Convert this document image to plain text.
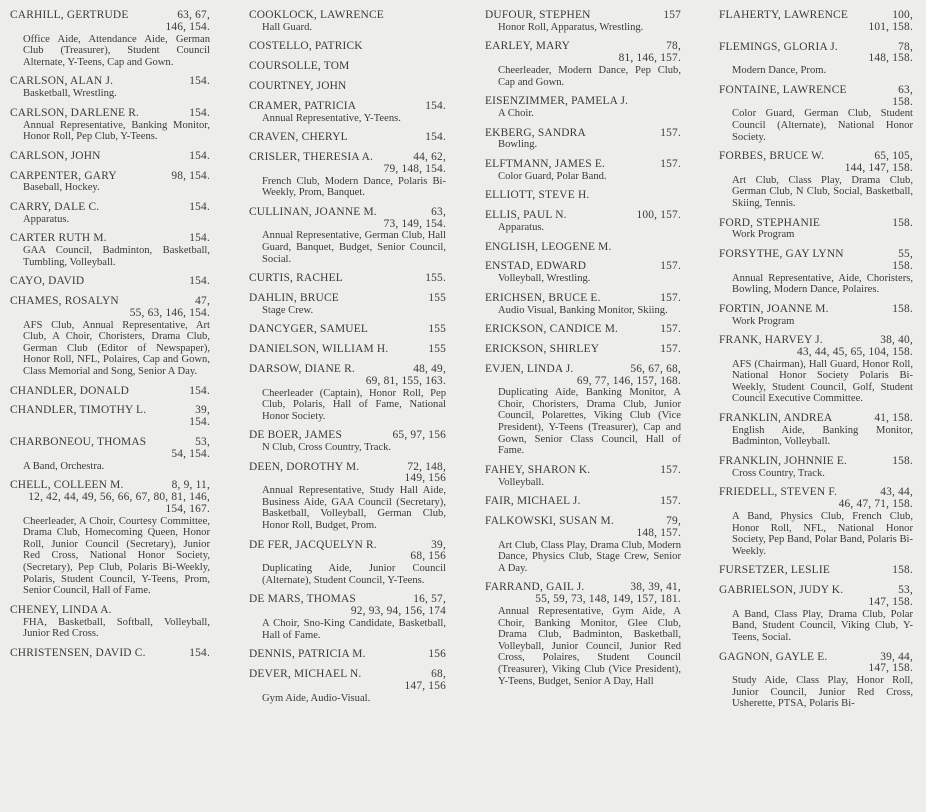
CARHILL, GERTRUDE	63, 67,
146, 154.
Office Aide, Attendance Aide, German Club (Treasurer), Student Council Alternate, Y-Teens, Cap and Gown.
CARLSON, ALAN J.	154.
Basketball, Wrestling.
CARLSON, DARLENE R.	154.
Annual Representative, Banking Monitor, Honor Roll, Pep Club, Y-Teens.
CARLSON, JOHN	154.
CARPENTER, GARY	98, 154.
Baseball, Hockey.
CARRY, DALE C.	154.
Apparatus.
CARTER RUTH M.	154.
GAA Council, Badminton, Basketball, Tumbling, Volleyball.
CAYO, DAVID	154.
CHAMES, ROSALYN	47,
55, 63, 146, 154.
AFS Club, Annual Representative, Art Club, A Choir, Choristers, Drama Club, German Club (Editor of Newspaper), Honor Roll, NFL, Polaires, Cap and Gown, Class Memorial and Song, Senior A Day.
CHANDLER, DONALD	154.
CHANDLER, TIMOTHY L.	39,
154.
CHARBONEOU, THOMAS	53,
54, 154.
A Band, Orchestra.
CHELL, COLLEEN M.	8, 9, 11,
12, 42, 44, 49, 56, 66, 67, 80, 81, 146, 154, 167.
Cheerleader, A Choir, Courtesy Committee, Drama Club, Homecoming Queen, Honor Roll, Junior Council (Secretary), Junior Red Cross, National Honor Society, (Secretary), Pep Club, Polaris Bi-Weekly, Polaris, Student Council, Y-Teens, Prom, Senior Council, Hall of Fame.
CHENEY, LINDA A.
FHA, Basketball, Softball, Volleyball, Junior Red Cross.
CHRISTENSEN, DAVID C.	154.
COOKLOCK, LAWRENCE
Hall Guard.
COSTELLO, PATRICK
COURSOLLE, TOM
COURTNEY, JOHN
CRAMER, PATRICIA	154.
Annual Representative, Y-Teens.
CRAVEN, CHERYL	154.
CRISLER, THERESIA A.	44, 62,
79, 148, 154.
French Club, Modern Dance, Polaris Bi-Weekly, Prom, Banquet.
CULLINAN, JOANNE M.	63,
73, 149, 154.
Annual Representative, German Club, Hall Guard, Banquet, Budget, Senior Council, Social.
CURTIS, RACHEL	155.
DAHLIN, BRUCE	155
Stage Crew.
DANCYGER, SAMUEL	155
DANIELSON, WILLIAM H.	155
DARSOW, DIANE R.	48, 49,
69, 81, 155, 163.
Cheerleader (Captain), Honor Roll, Pep Club, Polaris, Hall of Fame, National Honor Society.
DE BOER, JAMES	65, 97, 156
N Club, Cross Country, Track.
DEEN, DOROTHY M.	72, 148,
149, 156
Annual Representative, Study Hall Aide, Business Aide, GAA Council (Secretary), Basketball, Volleyball, German Club, Honor Roll, Budget, Prom.
DE FER, JACQUELYN R.	39,
68, 156
Duplicating Aide, Junior Council (Alternate), Student Council, Y-Teens.
DE MARS, THOMAS	16, 57,
92, 93, 94, 156, 174
A Choir, Sno-King Candidate, Basketball, Hall of Fame.
DENNIS, PATRICIA M.	156
DEVER, MICHAEL N.	68,
147, 156
Gym Aide, Audio-Visual.
DUFOUR, STEPHEN	157
Honor Roll, Apparatus, Wrestling.
EARLEY, MARY	78,
81, 146, 157.
Cheerleader, Modern Dance, Pep Club, Cap and Gown.
EISENZIMMER, PAMELA J.
A Choir.
EKBERG, SANDRA	157.
Bowling.
ELFTMANN, JAMES E.	157.
Color Guard, Polar Band.
ELLIOTT, STEVE H.
ELLIS, PAUL N.	100, 157.
Apparatus.
ENGLISH, LEOGENE M.
ENSTAD, EDWARD	157.
Volleyball, Wrestling.
ERICHSEN, BRUCE E.	157.
Audio Visual, Banking Monitor, Skiing.
ERICKSON, CANDICE M.	157.
ERICKSON, SHIRLEY	157.
EVJEN, LINDA J.	56, 67, 68,
69, 77, 146, 157, 168.
Duplicating Aide, Banking Monitor, A Choir, Choristers, Drama Club, Junior Council, Polarettes, Viking Club (Vice President), Y-Teens (Treasurer), Cap and Gown, Senior Class Council, Hall of Fame.
FAHEY, SHARON K.	157.
Volleyball.
FAIR, MICHAEL J.	157.
FALKOWSKI, SUSAN M.	79,
148, 157.
Art Club, Class Play, Drama Club, Modern Dance, Physics Club, Stage Crew, Senior A Day.
FARRAND, GAIL J.	38, 39, 41,
55, 59, 73, 148, 149, 157, 181.
Annual Representative, Gym Aide, A Choir, Banking Monitor, Glee Club, Drama Club, Badminton, Basketball, Volleyball, Junior Council, Junior Red Cross, Polaires, Student Council (Treasurer), Viking Club (Vice President), Y-Teens, Budget, Senior A Day, Hall
FLAHERTY, LAWRENCE	100,
101, 158.
FLEMINGS, GLORIA J.	78,
148, 158.
Modern Dance, Prom.
FONTAINE, LAWRENCE	63,
158.
Color Guard, German Club, Student Council (Alternate), National Honor Society.
FORBES, BRUCE W.	65, 105,
144, 147, 158.
Art Club, Class Play, Drama Club, German Club, N Club, Social, Basketball, Skiing, Tennis.
FORD, STEPHANIE	158.
Work Program
FORSYTHE, GAY LYNN	55,
158.
Annual Representative, Aide, Choristers, Bowling, Modern Dance, Polaires.
FORTIN, JOANNE M.	158.
Work Program
FRANK, HARVEY J.	38, 40,
43, 44, 45, 65, 104, 158.
AFS (Chairman), Hall Guard, Honor Roll, National Honor Society Polaris Bi-Weekly, Student Council, Golf, Student Council Executive Committee.
FRANKLIN, ANDREA	41, 158.
English Aide, Banking Monitor, Badminton, Volleyball.
FRANKLIN, JOHNNIE E.	158.
Cross Country, Track.
FRIEDELL, STEVEN F.	43, 44,
46, 47, 71, 158.
A Band, Physics Club, French Club, Honor Roll, NFL, National Honor Society, Pep Band, Polar Band, Polaris Bi-Weekly.
FURSETZER, LESLIE	158.
GABRIELSON, JUDY K.	53,
147, 158.
A Band, Class Play, Drama Club, Polar Band, Student Council, Viking Club, Y-Teens, Social.
GAGNON, GAYLE E.	39, 44,
147, 158.
Study Aide, Class Play, Honor Roll, Junior Council, Junior Red Cross, Usherette, PTSA, Polaris Bi-
